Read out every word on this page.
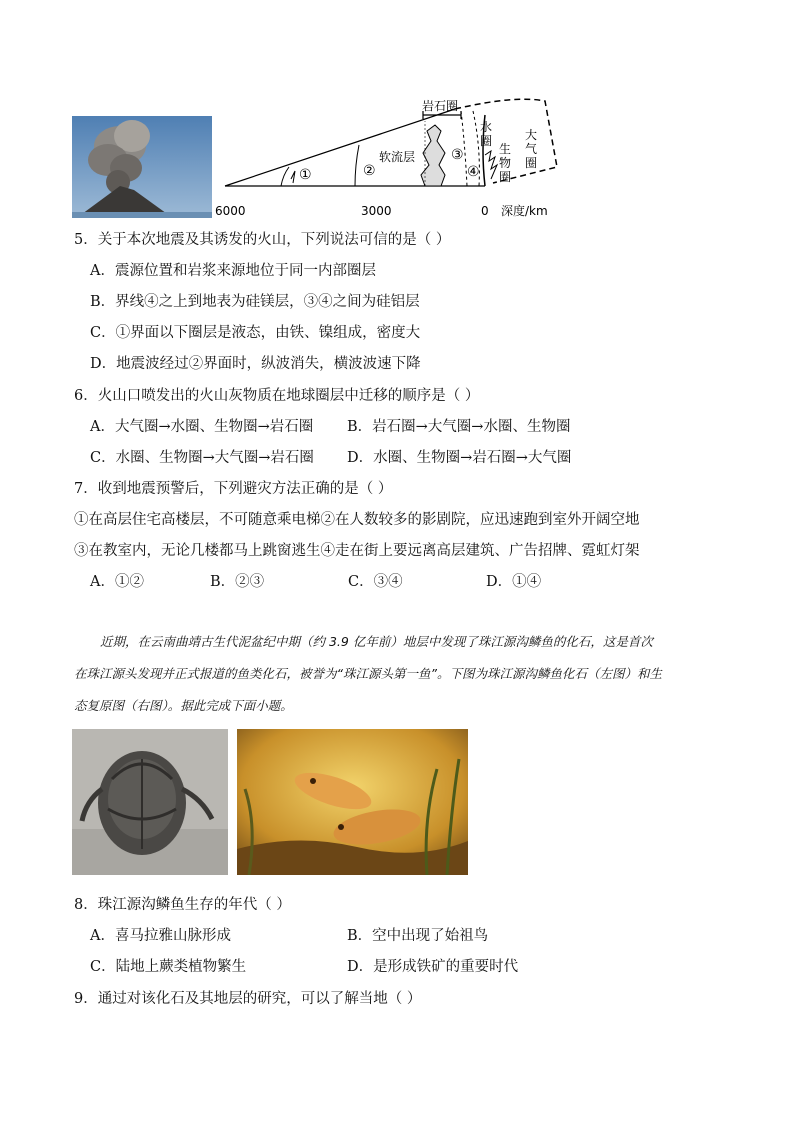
岩石圈
软流层
①	②
③
④
水
圈
生
物
圈
大
气
圈
6000	3000	0 深度/km
5．关于本次地震及其诱发的火山，下列说法可信的是（ ）
A．震源位置和岩浆来源地位于同一内部圈层
B．界线④之上到地表为硅镁层，③④之间为硅铝层
C．①界面以下圈层是液态，由铁、镍组成，密度大
D．地震波经过②界面时，纵波消失，横波波速下降
6．火山口喷发出的火山灰物质在地球圈层中迁移的顺序是（ ）
A．大气圈→水圈、生物圈→岩石圈 B．岩石圈→大气圈→水圈、生物圈
C．水圈、生物圈→大气圈→岩石圈 D．水圈、生物圈→岩石圈→大气圈
7．收到地震预警后，下列避灾方法正确的是（ ）
①在高层住宅高楼层，不可随意乘电梯②在人数较多的影剧院，应迅速跑到室外开阔空地
③在教室内，无论几楼都马上跳窗逃生④走在街上要远离高层建筑、广告招牌、霓虹灯架
A．①②	B．②③	C．③④	D．①④
近期，在云南曲靖古生代泥盆纪中期（约 3.9 亿年前）地层中发现了珠江源沟鳞鱼的化石，这是首次
在珠江源头发现并正式报道的鱼类化石，被誉为“珠江源头第一鱼”。下图为珠江源沟鳞鱼化石（左图）和生
态复原图（右图）。据此完成下面小题。
8．珠江源沟鳞鱼生存的年代（ ）
A．喜马拉雅山脉形成	B．空中出现了始祖鸟
C．陆地上蕨类植物繁生	D．是形成铁矿的重要时代
9．通过对该化石及其地层的研究，可以了解当地（ ）
